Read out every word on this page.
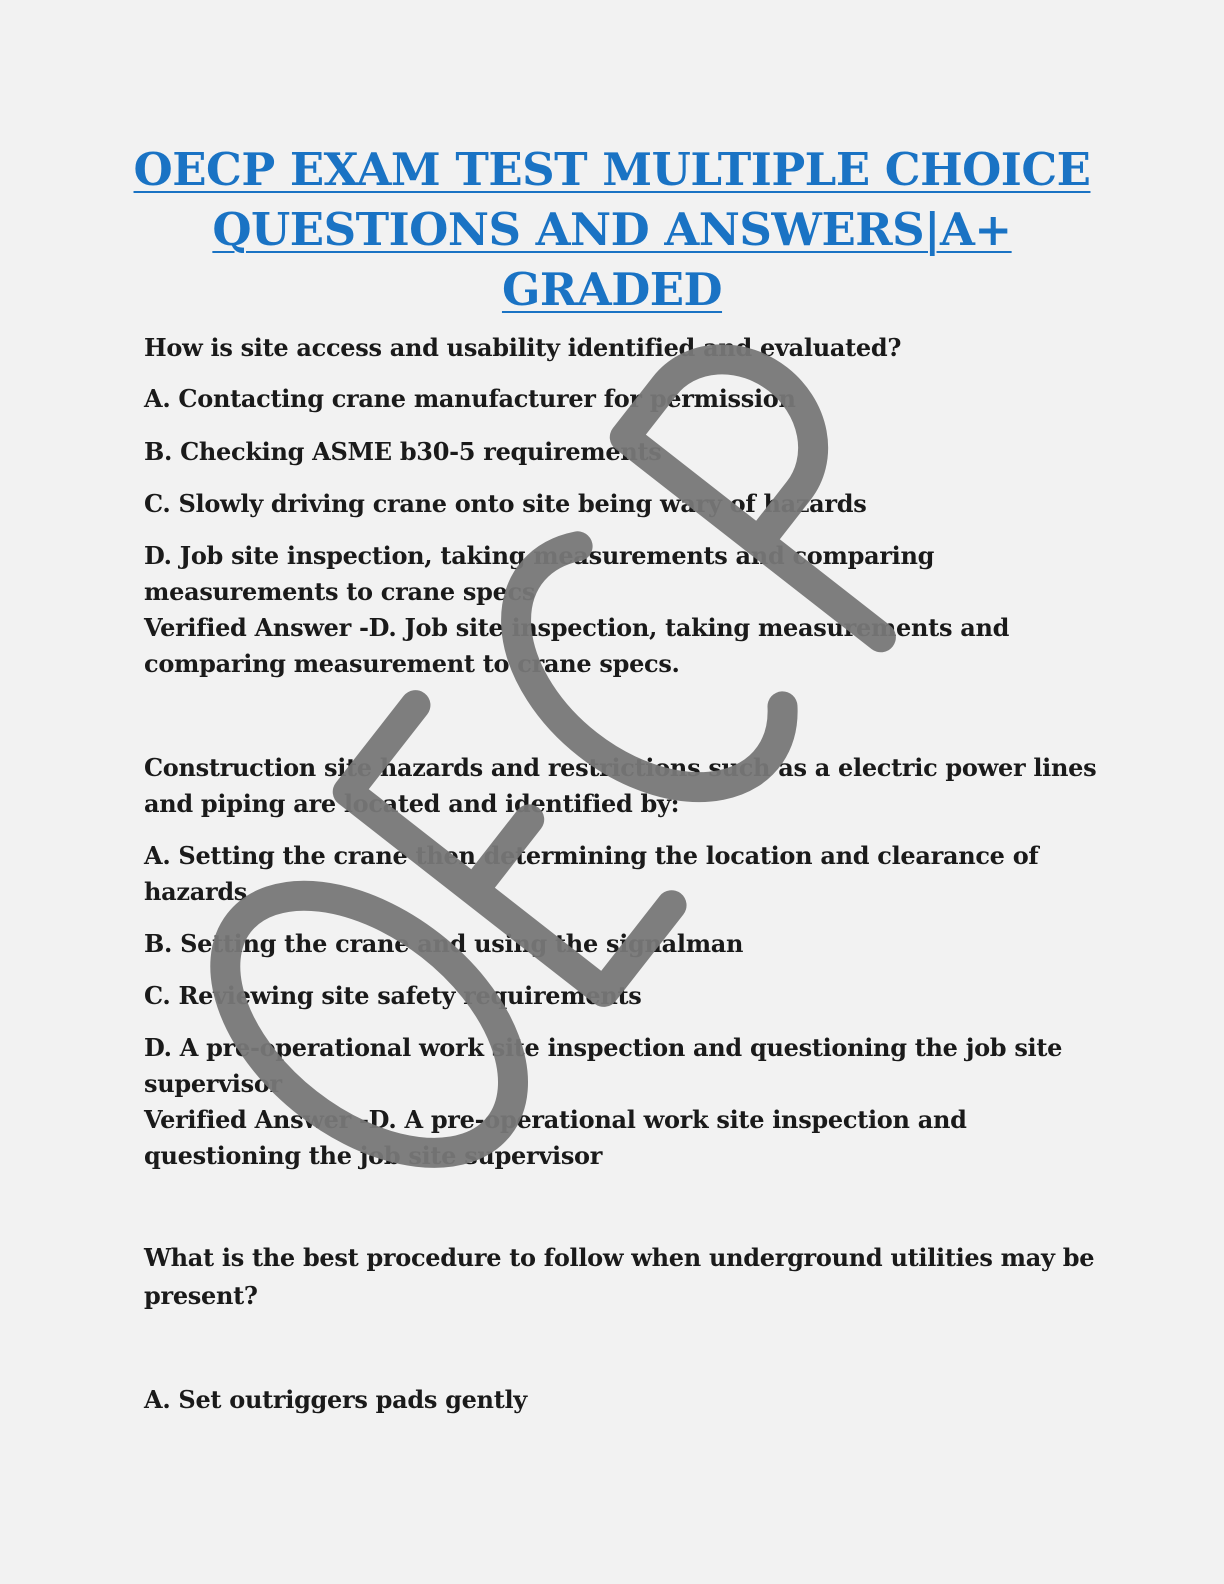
OECP EXAM TEST MULTIPLE CHOICE
QUESTIONS AND ANSWERS|A+
GRADED
How is site access and usability identified and evaluated?
A. Contacting crane manufacturer for permission
B. Checking ASME b30-5 requirements
C. Slowly driving crane onto site being wary of hazards
D. Job site inspection, taking measurements and comparing
measurements to crane specs
Verified Answer -D. Job site inspection, taking measurements and
comparing measurement to crane specs.
Construction site hazards and restrictions such as a electric power lines
and piping are located and identified by:
A. Setting the crane then determining the location and clearance of
hazards
B. Setting the crane and using the signalman
C. Reviewing site safety requirements
D. A pre-operational work site inspection and questioning the job site
supervisor
Verified Answer -D. A pre-operational work site inspection and
questioning the job site supervisor
What is the best procedure to follow when underground utilities may be
present?
A. Set outriggers pads gently
